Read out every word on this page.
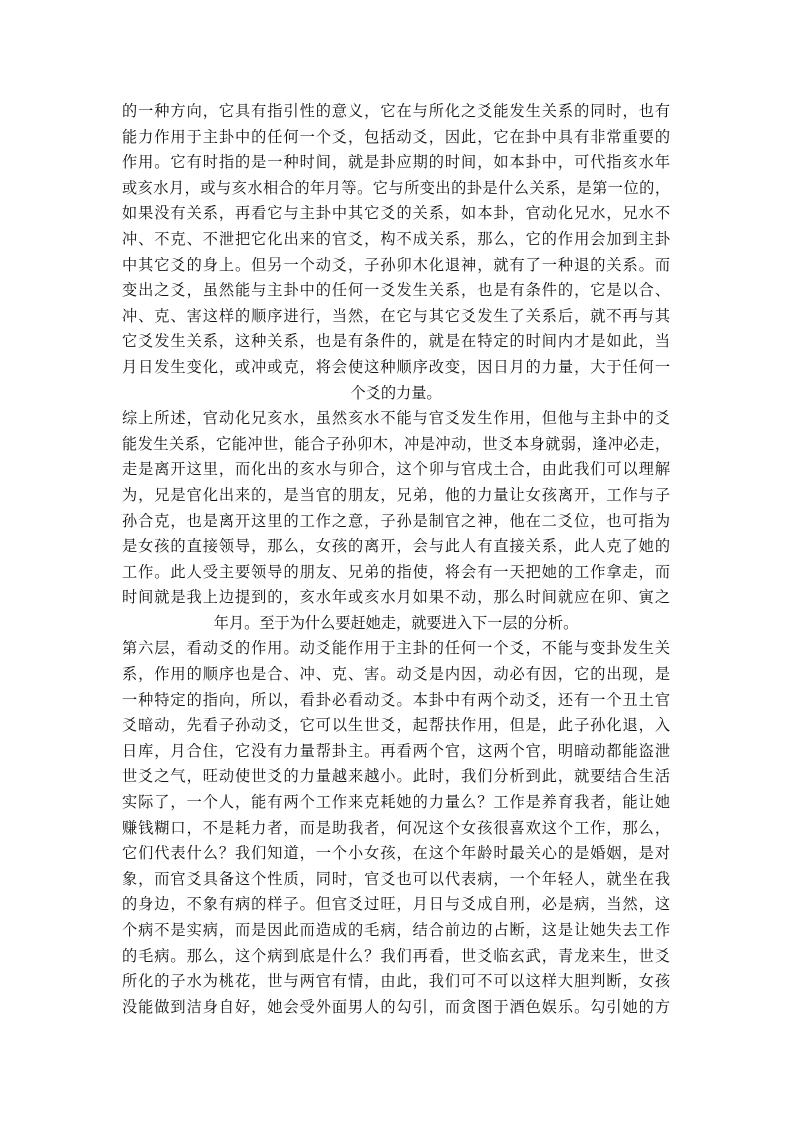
的一种方向，它具有指引性的意义，它在与所化之爻能发生关系的同时，也有
能力作用于主卦中的任何一个爻，包括动爻，因此，它在卦中具有非常重要的
作用。它有时指的是一种时间，就是卦应期的时间，如本卦中，可代指亥水年
或亥水月，或与亥水相合的年月等。它与所变出的卦是什么关系，是第一位的，
如果没有关系，再看它与主卦中其它爻的关系，如本卦，官动化兄水，兄水不
冲、不克、不泄把它化出来的官爻，构不成关系，那么，它的作用会加到主卦
中其它爻的身上。但另一个动爻，子孙卯木化退神，就有了一种退的关系。而
变出之爻，虽然能与主卦中的任何一爻发生关系，也是有条件的，它是以合、
冲、克、害这样的顺序进行，当然，在它与其它爻发生了关系后，就不再与其
它爻发生关系，这种关系，也是有条件的，就是在特定的时间内才是如此，当
月日发生变化，或冲或克，将会使这种顺序改变，因日月的力量，大于任何一
个爻的力量。
综上所述，官动化兄亥水，虽然亥水不能与官爻发生作用，但他与主卦中的爻
能发生关系，它能冲世，能合子孙卯木，冲是冲动，世爻本身就弱，逢冲必走，
走是离开这里，而化出的亥水与卯合，这个卯与官戌土合，由此我们可以理解
为，兄是官化出来的，是当官的朋友，兄弟，他的力量让女孩离开，工作与子
孙合克，也是离开这里的工作之意，子孙是制官之神，他在二爻位，也可指为
是女孩的直接领导，那么，女孩的离开，会与此人有直接关系，此人克了她的
工作。此人受主要领导的朋友、兄弟的指使，将会有一天把她的工作拿走，而
时间就是我上边提到的，亥水年或亥水月如果不动，那么时间就应在卯、寅之
年月。至于为什么要赶她走，就要进入下一层的分析。
第六层，看动爻的作用。动爻能作用于主卦的任何一个爻，不能与变卦发生关
系，作用的顺序也是合、冲、克、害。动爻是内因，动必有因，它的出现，是
一种特定的指向，所以，看卦必看动爻。本卦中有两个动爻，还有一个丑土官
爻暗动，先看子孙动爻，它可以生世爻，起帮扶作用，但是，此子孙化退，入
日库，月合住，它没有力量帮卦主。再看两个官，这两个官，明暗动都能盗泄
世爻之气，旺动使世爻的力量越来越小。此时，我们分析到此，就要结合生活
实际了，一个人，能有两个工作来克耗她的力量么？工作是养育我者，能让她
赚钱糊口，不是耗力者，而是助我者，何况这个女孩很喜欢这个工作，那么，
它们代表什么？我们知道，一个小女孩，在这个年龄时最关心的是婚姻，是对
象，而官爻具备这个性质，同时，官爻也可以代表病，一个年轻人，就坐在我
的身边，不象有病的样子。但官爻过旺，月日与爻成自刑，必是病，当然，这
个病不是实病，而是因此而造成的毛病，结合前边的占断，这是让她失去工作
的毛病。那么，这个病到底是什么？我们再看，世爻临玄武，青龙来生，世爻
所化的子水为桃花，世与两官有情，由此，我们可不可以这样大胆判断，女孩
没能做到洁身自好，她会受外面男人的勾引，而贪图于酒色娱乐。勾引她的方
